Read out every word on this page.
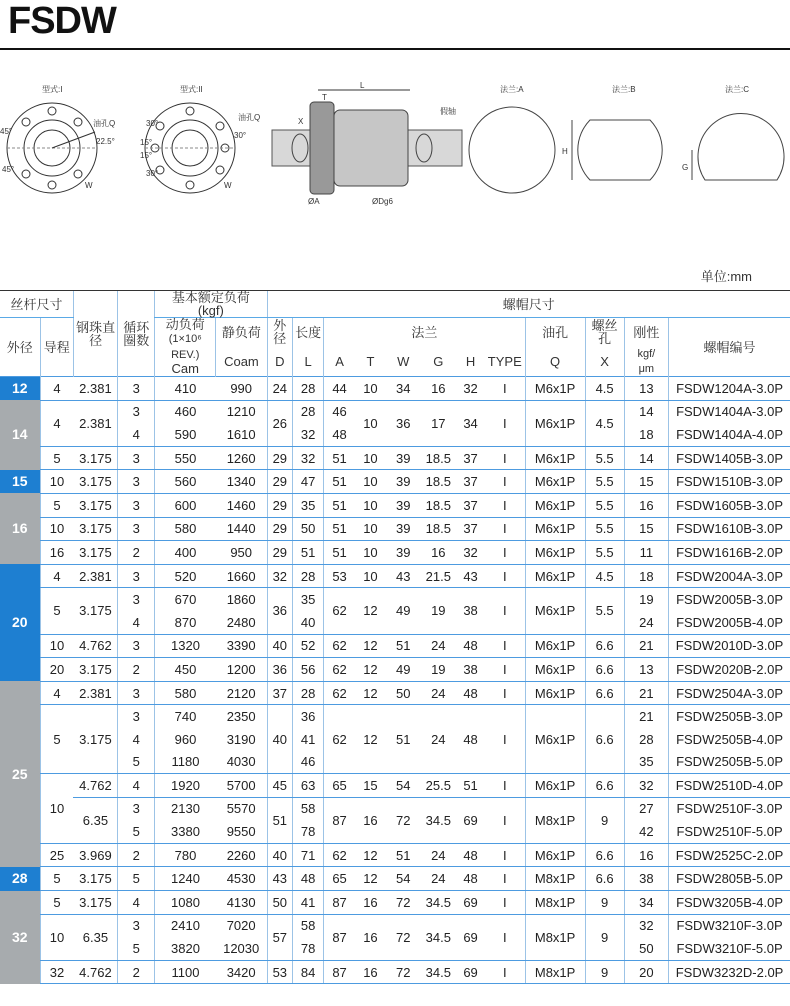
FSDW
型式:I
45°
45°
22.5°
油孔Q
W
型式:II
30°
15°
15°
30°
30°
油孔Q
W
L
T
X
假轴
ØA	ØDg6
法兰:A	法兰:B
H
法兰:C
G
单位:mm
丝杆尺寸		钢珠直径	循环圈数	基本额定负荷
(kgf)		螺帽尺寸											
外径	导程			动负荷
(1×10⁶	静负荷	外径	长度	法兰						油孔	螺丝孔	刚性	螺帽编号
				REV.)
Cam	Coam	D	L	A	T	W	G	H	TYPE	Q	X	kgf/
μm	
12	4	2.381	3	410	990	24	28	44	10	34	16	32	I	M6x1P	4.5	13	FSDW1204A-3.0P
14	4	2.381	3	460	1210	26	28	46	10	36	17	34	I	M6x1P	4.5	14	FSDW1404A-3.0P
			4	590	1610		32	48								18	FSDW1404A-4.0P
	5	3.175	3	550	1260	29	32	51	10	39	18.5	37	I	M6x1P	5.5	14	FSDW1405B-3.0P
15	10	3.175	3	560	1340	29	47	51	10	39	18.5	37	I	M6x1P	5.5	15	FSDW1510B-3.0P
16	5	3.175	3	600	1460	29	35	51	10	39	18.5	37	I	M6x1P	5.5	16	FSDW1605B-3.0P
	10	3.175	3	580	1440	29	50	51	10	39	18.5	37	I	M6x1P	5.5	15	FSDW1610B-3.0P
	16	3.175	2	400	950	29	51	51	10	39	16	32	I	M6x1P	5.5	11	FSDW1616B-2.0P
20	4	2.381	3	520	1660	32	28	53	10	43	21.5	43	I	M6x1P	4.5	18	FSDW2004A-3.0P
	5	3.175	3	670	1860	36	35	62	12	49	19	38	I	M6x1P	5.5	19	FSDW2005B-3.0P
			4	870	2480		40									24	FSDW2005B-4.0P
	10	4.762	3	1320	3390	40	52	62	12	51	24	48	I	M6x1P	6.6	21	FSDW2010D-3.0P
	20	3.175	2	450	1200	36	56	62	12	49	19	38	I	M6x1P	6.6	13	FSDW2020B-2.0P
25	4	2.381	3	580	2120	37	28	62	12	50	24	48	I	M6x1P	6.6	21	FSDW2504A-3.0P
	5	3.175	3	740	2350	40	36	62	12	51	24	48	I	M6x1P	6.6	21	FSDW2505B-3.0P
			4	960	3190		41									28	FSDW2505B-4.0P
			5	1180	4030		46									35	FSDW2505B-5.0P
	10	4.762	4	1920	5700	45	63	65	15	54	25.5	51	I	M6x1P	6.6	32	FSDW2510D-4.0P
		6.35	3	2130	5570	51	58	87	16	72	34.5	69	I	M8x1P	9	27	FSDW2510F-3.0P
			5	3380	9550		78									42	FSDW2510F-5.0P
	25	3.969	2	780	2260	40	71	62	12	51	24	48	I	M6x1P	6.6	16	FSDW2525C-2.0P
28	5	3.175	5	1240	4530	43	48	65	12	54	24	48	I	M8x1P	6.6	38	FSDW2805B-5.0P
32	5	3.175	4	1080	4130	50	41	87	16	72	34.5	69	I	M8x1P	9	34	FSDW3205B-4.0P
	10	6.35	3	2410	7020	57	58	87	16	72	34.5	69	I	M8x1P	9	32	FSDW3210F-3.0P
			5	3820	12030		78									50	FSDW3210F-5.0P
	32	4.762	2	1100	3420	53	84	87	16	72	34.5	69	I	M8x1P	9	20	FSDW3232D-2.0P
